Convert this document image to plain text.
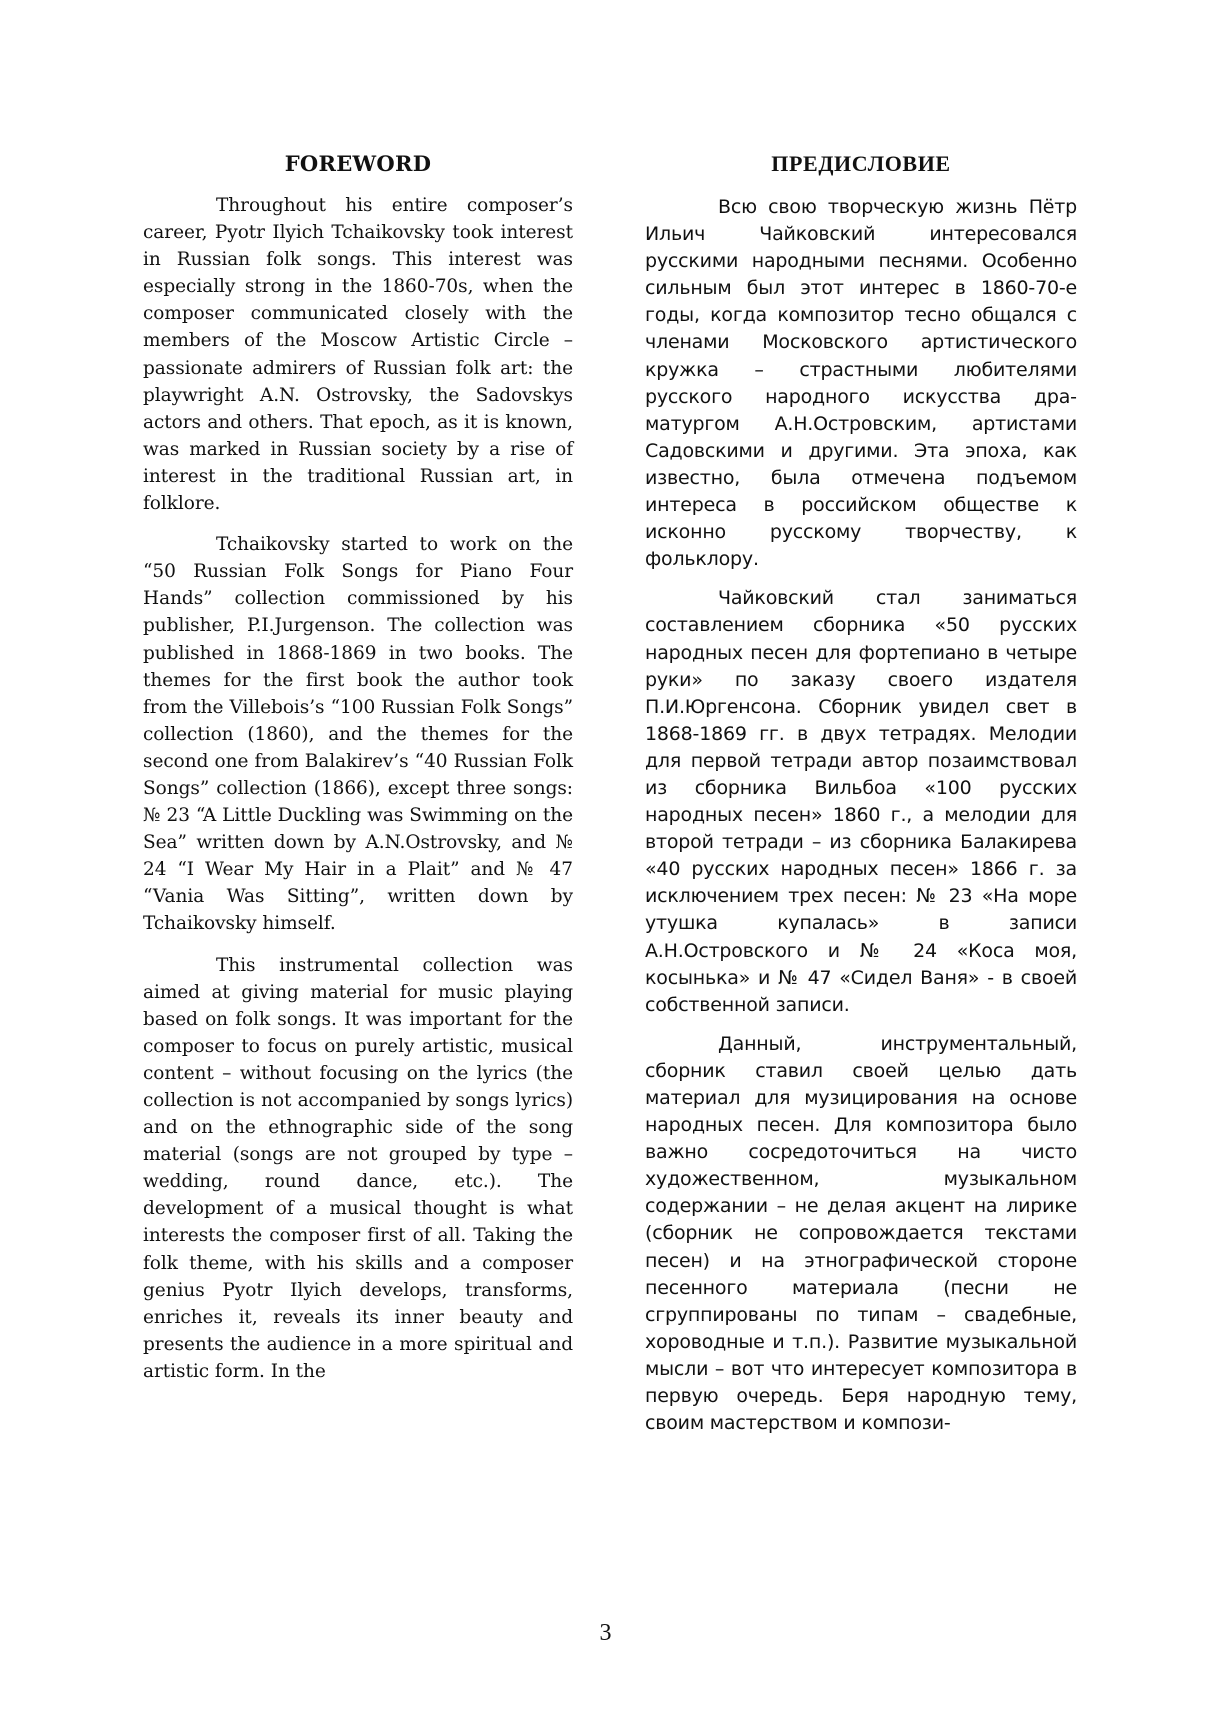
FOREWORD

Throughout his entire composer’s career, Pyotr Ilyich Tchaikovsky took interest in Russian folk songs. This interest was especially strong in the 1860-70s, when the composer communicated closely with the members of the Moscow Artistic Circle – passionate admirers of Russian folk art: the playwright A.N. Ostrovsky, the Sadovskys actors and others. That epoch, as it is known, was marked in Russian society by a rise of interest in the traditional Russian art, in folklore.

Tchaikovsky started to work on the “50 Russian Folk Songs for Piano Four Hands” collection commissioned by his publisher, P.I.Jurgenson. The collection was published in 1868-1869 in two books. The themes for the first book the author took from the Villebois’s “100 Russian Folk Songs” collection (1860), and the themes for the second one from Balakirev’s “40 Russian Folk Songs” collection (1866), except three songs: № 23 “A Little Duckling was Swimming on the Sea” written down by A.N.Ostrovsky, and № 24 “I Wear My Hair in a Plait” and № 47 “Vania Was Sitting”, written down by Tchaikovsky himself.

This instrumental collection was aimed at giving material for music playing based on folk songs. It was important for the composer to focus on purely artistic, musical content – without focusing on the lyrics (the collection is not accompanied by songs lyrics) and on the ethnographic side of the song material (songs are not grouped by type – wedding, round dance, etc.). The development of a musical thought is what interests the composer first of all. Taking the folk theme, with his skills and a composer genius Pyotr Ilyich develops, transforms, enriches it, reveals its inner beauty and presents the audience in a more spiritual and artistic form. In the

ПРЕДИСЛОВИЕ

Всю свою творческую жизнь Пётр Ильич Чайковский интересовался русскими народными песнями. Особенно сильным был этот интерес в 1860-70-е годы, когда композитор тесно общался с членами Московского артистического кружка – страстными любителями русского народного искусства драматургом А.Н.Островским, артистами Садовскими и другими. Эта эпоха, как известно, была отмечена подъемом интереса в российском обществе к исконно русскому творчеству, к фольклору.

Чайковский стал заниматься составлением сборника «50 русских народных песен для фортепиано в четыре руки» по заказу своего издателя П.И.Юргенсона. Сборник увидел свет в 1868-1869 гг. в двух тетрадях. Мелодии для первой тетради автор позаимствовал из сборника Вильбоа «100 русских народных песен» 1860 г., а мелодии для второй тетради – из сборника Балакирева «40 русских народных песен» 1866 г. за исключением трех песен: № 23 «На море утушка купалась» в записи А.Н.Островского и № 24 «Коса моя, косынька» и № 47 «Сидел Ваня» - в своей собственной записи.

Данный, инструментальный, сборник ставил своей целью дать материал для музицирования на основе народных песен. Для композитора было важно сосредоточиться на чисто художественном, музыкальном содержании – не делая акцент на лирике (сборник не сопровождается текстами песен) и на этнографической стороне песенного материала (песни не сгруппированы по типам – свадебные, хороводные и т.п.). Развитие музыкальной мысли – вот что интересует композитора в первую очередь. Беря народную тему, своим мастерством и компози-

3
